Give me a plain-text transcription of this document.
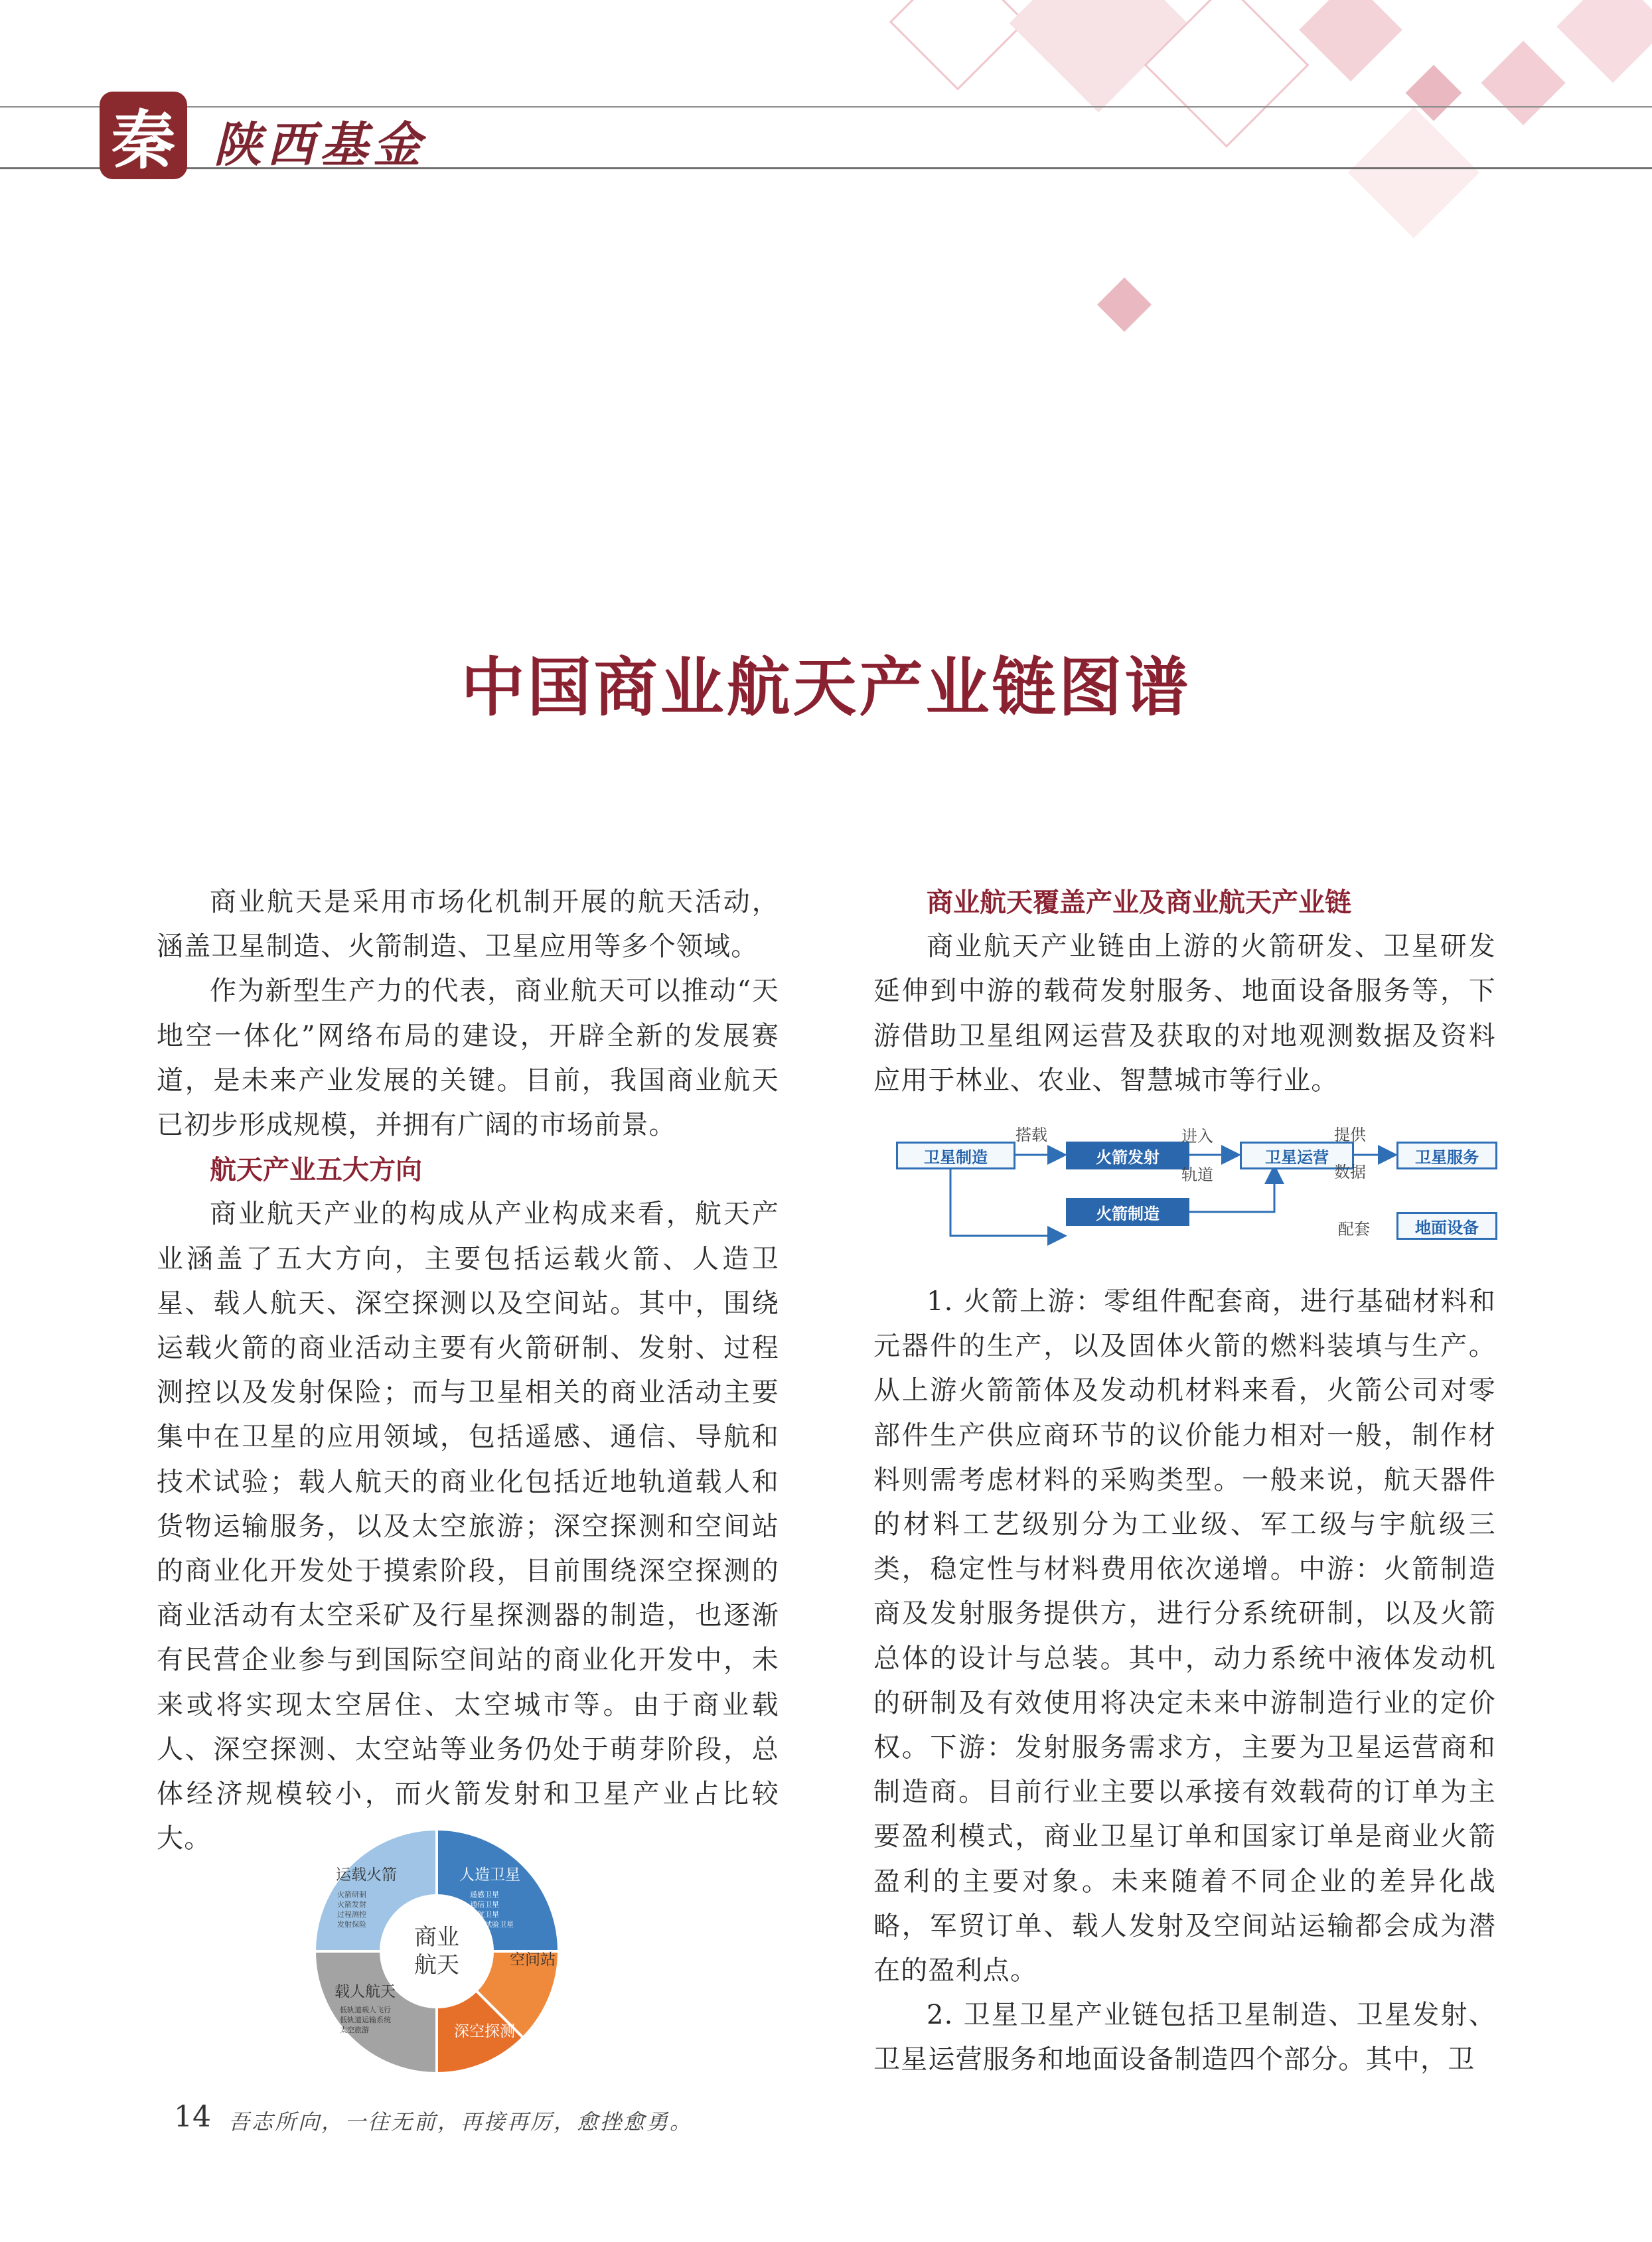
秦 陕西基金
中国商业航天产业链图谱

商业航天是采用市场化机制开展的航天活动，涵盖卫星制造、火箭制造、卫星应用等多个领域。

作为新型生产力的代表，商业航天可以推动“天地空一体化”网络布局的建设，开辟全新的发展赛道，是未来产业发展的关键。目前，我国商业航天已初步形成规模，并拥有广阔的市场前景。

航天产业五大方向

商业航天产业的构成从产业构成来看，航天产业涵盖了五大方向，主要包括运载火箭、人造卫星、载人航天、深空探测以及空间站。其中，围绕运载火箭的商业活动主要有火箭研制、发射、过程测控以及发射保险；而与卫星相关的商业活动主要集中在卫星的应用领域，包括遥感、通信、导航和技术试验；载人航天的商业化包括近地轨道载人和货物运输服务，以及太空旅游；深空探测和空间站的商业化开发处于摸索阶段，目前围绕深空探测的商业活动有太空采矿及行星探测器的制造，也逐渐有民营企业参与到国际空间站的商业化开发中，未来或将实现太空居住、太空城市等。由于商业载人、深空探测、太空站等业务仍处于萌芽阶段，总体经济规模较小，而火箭发射和卫星产业占比较大。

商业
航天
运载火箭
火箭研制
火箭发射
过程测控
发射保险
人造卫星
遥感卫星
通信卫星
导航卫星
技术试验卫星
空间站
深空探测
载人航天
低轨道载人飞行
低轨道运输系统
太空旅游

商业航天覆盖产业及商业航天产业链

商业航天产业链由上游的火箭研发、卫星研发延伸到中游的载荷发射服务、地面设备服务等，下游借助卫星组网运营及获取的对地观测数据及资料应用于林业、农业、智慧城市等行业。

卫星制造	火箭发射
火箭制造
卫星运营	卫星服务
地面设备
搭载	进入
轨道
提供
数据
配套

1. 火箭上游：零组件配套商，进行基础材料和元器件的生产，以及固体火箭的燃料装填与生产。从上游火箭箭体及发动机材料来看，火箭公司对零部件生产供应商环节的议价能力相对一般，制作材料则需考虑材料的采购类型。一般来说，航天器件的材料工艺级别分为工业级、军工级与宇航级三类，稳定性与材料费用依次递增。中游：火箭制造商及发射服务提供方，进行分系统研制，以及火箭总体的设计与总装。其中，动力系统中液体发动机的研制及有效使用将决定未来中游制造行业的定价权。下游：发射服务需求方，主要为卫星运营商和制造商。目前行业主要以承接有效载荷的订单为主要盈利模式，商业卫星订单和国家订单是商业火箭盈利的主要对象。未来随着不同企业的差异化战略，军贸订单、载人发射及空间站运输都会成为潜在的盈利点。

2. 卫星卫星产业链包括卫星制造、卫星发射、卫星运营服务和地面设备制造四个部分。其中，卫

14 吾志所向，一往无前，再接再厉，愈挫愈勇。
